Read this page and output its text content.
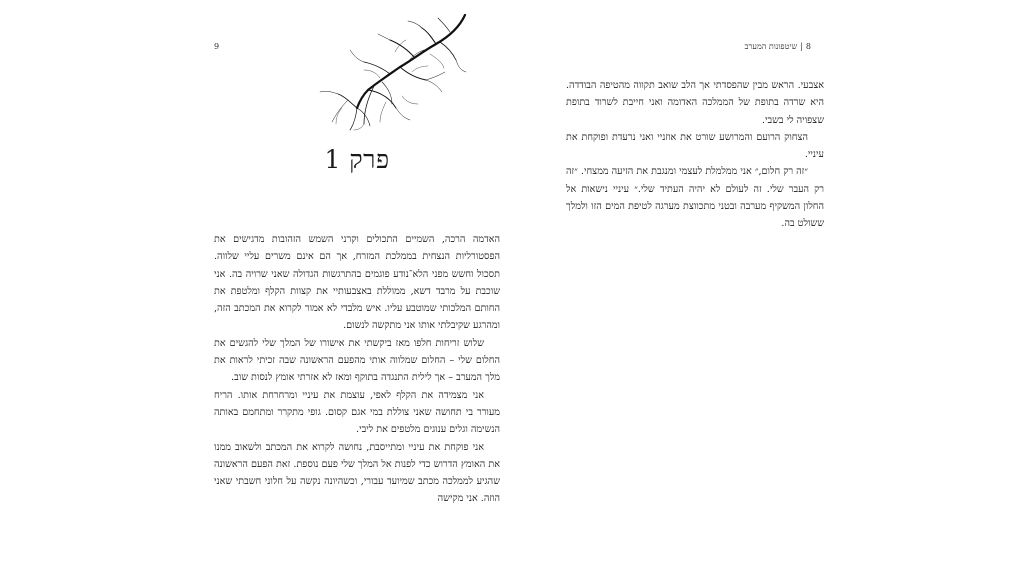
9
פרק 1

האדמה הרכה, השמיים התכולים וקרני השמש הזהובות מדגישים את הפסטורליות הנצחית בממלכת המזרח, אך הם אינם משרים עליי שלווה. תסכול וחשש מפני הלא־נודע פוגמים בהתרגשות הגדולה שאני שרויה בה. אני שוכבת על מרבד דשא, ממוללת באצבעותיי את קצוות הקלף ומלטפת את החותם המלכותי שמוטבע עליו. איש מלבדי לא אמור לקרוא את המכתב הזה, ומהרגע שקיבלתי אותו אני מתקשה לנשום.

שלוש זריחות חלפו מאז ביקשתי את אישורו של המלך שלי להגשים את החלום שלי – החלום שמלווה אותי מהפעם הראשונה שבה זכיתי לראות את מלך המערב – אך לילית התנגדה בתוקף ומאז לא אזרתי אומץ לנסות שוב.

אני מצמידה את הקלף לאפי, עוצמת את עיניי ומרחרחת אותו. הריח מעורר בי תחושה שאני צוללת במי אגם קסום. גופי מתקרר ומתחמם באותה הנשימה וגלים ענוגים מלטפים את ליבי.

אני פוקחת את עיניי ומתייסבת, נחושה לקרוא את המכתב ולשאוב ממנו את האומץ הדרוש כדי לפנות אל המלך שלי פעם נוספת. זאת הפעם הראשונה שהגיע לממלכה מכתב שמיועד עבורי, וכשהיונה נקשה על חלוני חשבתי שאני הוזה. אני מקישה

8|שיטפונות המערב

אצבעי. הראש מבין שהפסדתי אך הלב שואב תקווה מהטיפה הבודדה. היא שרדה בתופת של הממלכה האדומה ואני חייבת לשרוד בתופת שצפויה לי בשבי.

הצחוק הרועם והמרושע שורט את אוזניי ואני נרעדת ופוקחת את עיניי.

״זה רק חלום,״ אני ממלמלת לעצמי ומנגבת את הזיעה ממצחי. ״זה רק העבר שלי. זה לעולם לא יהיה העתיד שלי.״ עיניי נישאות אל החלון המשקיף מערבה ובטני מתכווצת מערגה לטיפת המים הזו ולמלך ששולט בה.
